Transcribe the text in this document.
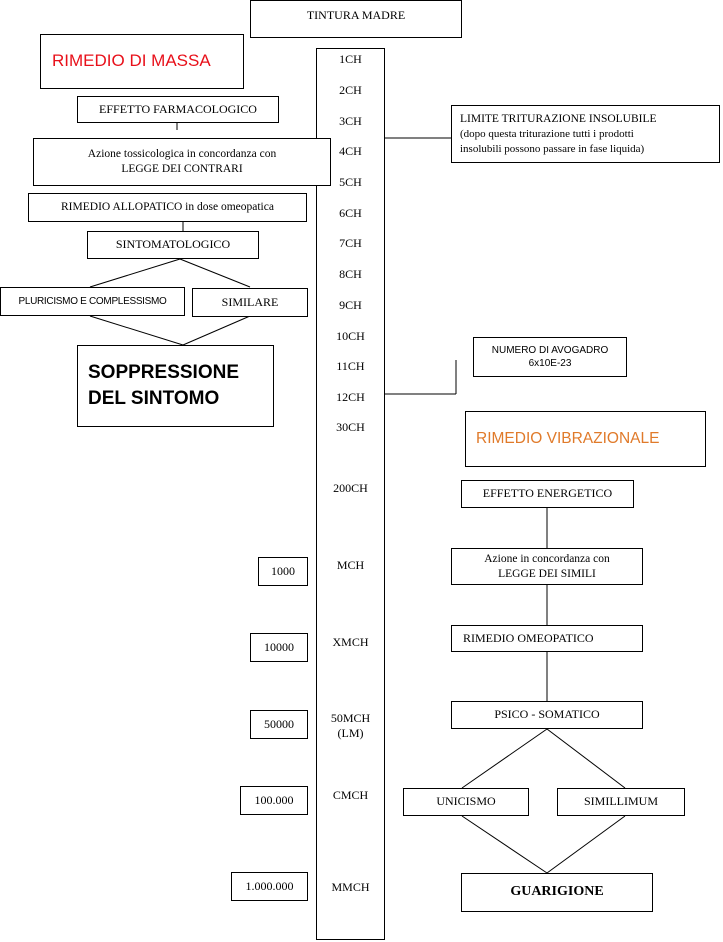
TINTURA MADRE
1CH
2CH
3CH
4CH
5CH
6CH
7CH
8CH
9CH
10CH
11CH
12CH
30CH
200CH
MCH
XMCH
50MCH
(LM)
CMCH
MMCH
RIMEDIO DI MASSA
EFFETTO FARMACOLOGICO
Azione tossicologica in concordanza con
LEGGE DEI CONTRARI
RIMEDIO ALLOPATICO in dose omeopatica
SINTOMATOLOGICO
PLURICISMO E COMPLESSISMO	SIMILARE
SOPPRESSIONE
DEL SINTOMO
1000
10000
50000
100.000
1.000.000
LIMITE TRITURAZIONE INSOLUBILE
(dopo questa triturazione tutti i prodotti
insolubili possono passare in fase liquida)
NUMERO DI AVOGADRO
6x10E-23
RIMEDIO VIBRAZIONALE
EFFETTO ENERGETICO
Azione in concordanza con
LEGGE DEI SIMILI
RIMEDIO OMEOPATICO
PSICO - SOMATICO
UNICISMO	SIMILLIMUM
GUARIGIONE
